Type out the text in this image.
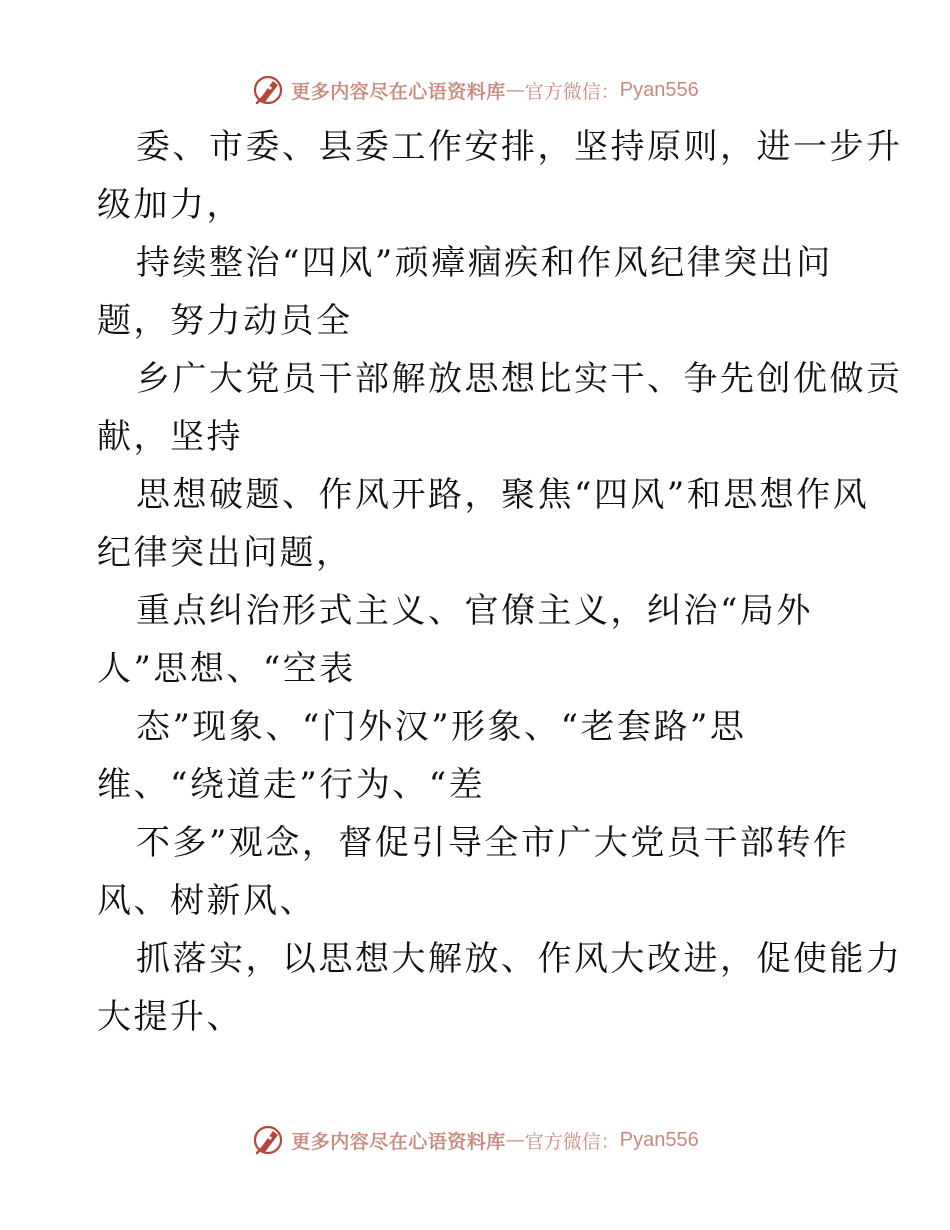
更多内容尽在心语资料库 — 官方微信： Pyan556
委、市委、县委工作安排，坚持原则，进一步升
级加力，
持续整治“四风”顽瘴痼疾和作风纪律突出问
题，努力动员全
乡广大党员干部解放思想比实干、争先创优做贡
献，坚持
思想破题、作风开路，聚焦“四风”和思想作风
纪律突出问题，
重点纠治形式主义、官僚主义，纠治“局外
人”思想、“空表
态”现象、“门外汉”形象、“老套路”思
维、“绕道走”行为、“差
不多”观念，督促引导全市广大党员干部转作
风、树新风、
抓落实，以思想大解放、作风大改进，促使能力
大提升、
更多内容尽在心语资料库 — 官方微信： Pyan556
